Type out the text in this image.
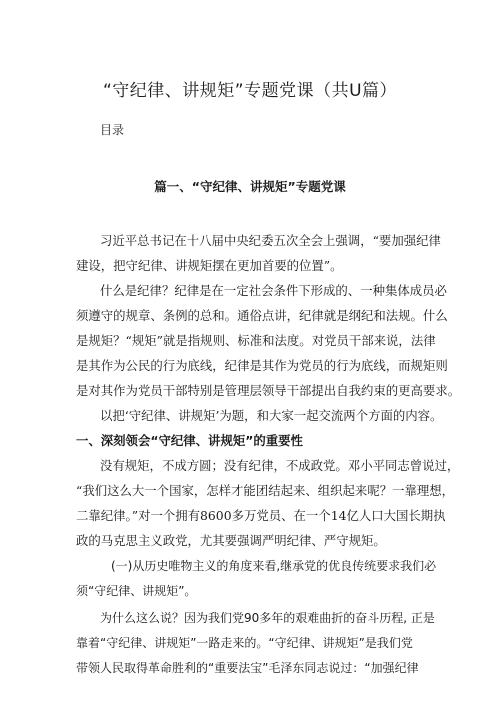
“守纪律、讲规矩”专题党课（共U篇）
目录
篇一、“守纪律、讲规矩”专题党课
习近平总书记在十八届中央纪委五次全会上强调，“要加强纪律
建设，把守纪律、讲规矩摆在更加首要的位置”。
什么是纪律？纪律是在一定社会条件下形成的、一种集体成员必
须遵守的规章、条例的总和。通俗点讲，纪律就是纲纪和法规。什么
是规矩？“规矩”就是指规则、标准和法度。对党员干部来说，法律
是其作为公民的行为底线，纪律是其作为党员的行为底线，而规矩则
是对其作为党员干部特别是管理层领导干部提出自我约束的更高要求。
以把‘守纪律、讲规矩’为题，和大家一起交流两个方面的内容。
一、深刻领会“守纪律、讲规矩”的重要性
没有规矩，不成方圆；没有纪律，不成政党。邓小平同志曾说过，
“我们这么大一个国家，怎样才能团结起来、组织起来呢？一靠理想，
二靠纪律。”对一个拥有8600多万党员、在一个14亿人口大国长期执
政的马克思主义政党，尤其要强调严明纪律、严守规矩。
(一)从历史唯物主义的角度来看,继承党的优良传统要求我们必
须“守纪律、讲规矩”。
为什么这么说？因为我们党90多年的艰难曲折的奋斗历程, 正是
靠着“守纪律、讲规矩”一路走来的。“守纪律、讲规矩”是我们党
带领人民取得革命胜利的“重要法宝”毛泽东同志说过：“加强纪律
